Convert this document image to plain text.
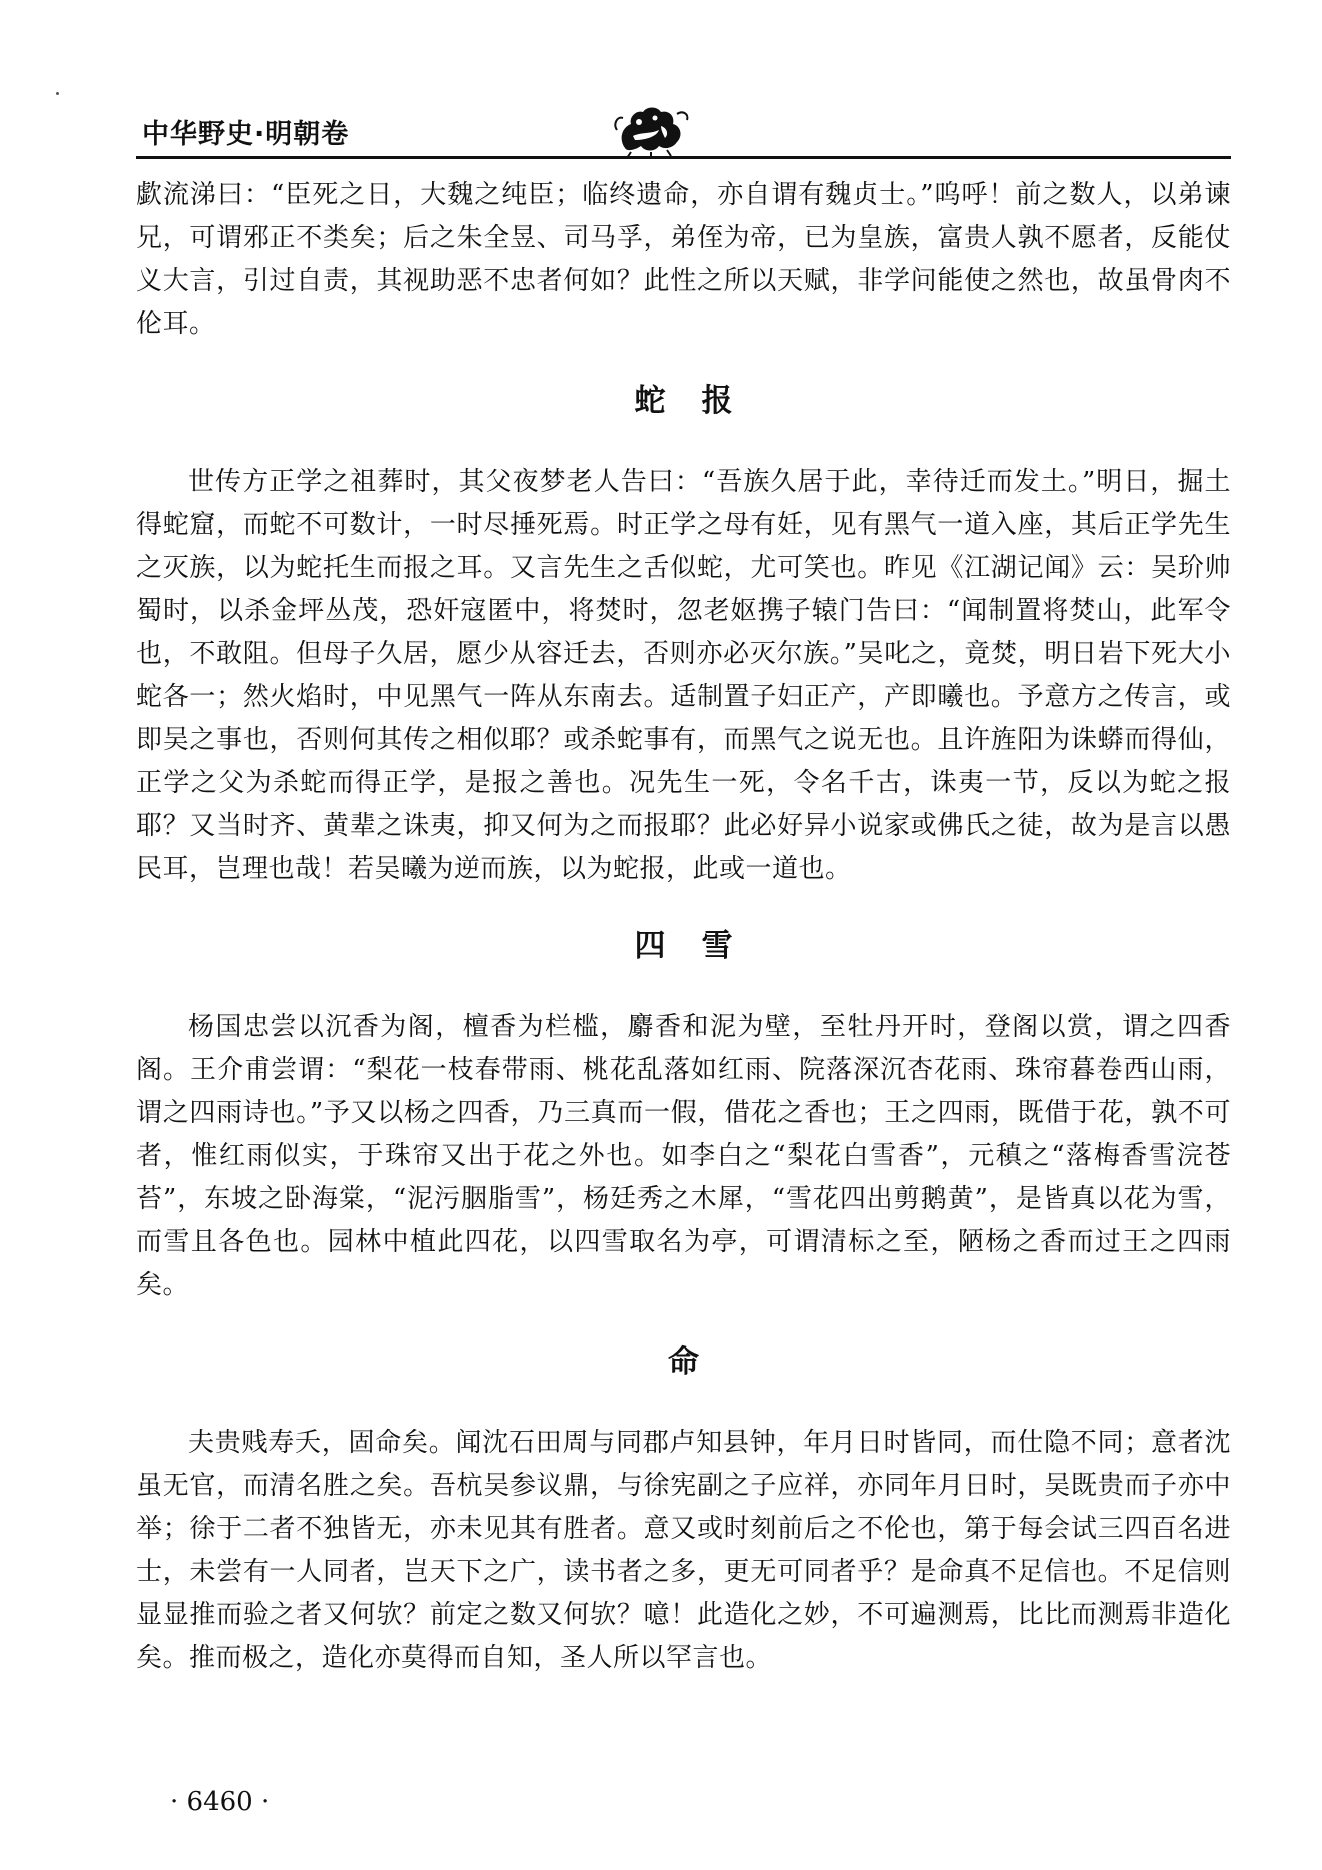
中华野史·明朝卷

歔流涕曰：“臣死之日，大魏之纯臣；临终遗命，亦自谓有魏贞士。”呜呼！前之数人，以弟谏兄，可谓邪正不类矣；后之朱全昱、司马孚，弟侄为帝，已为皇族，富贵人孰不愿者，反能仗义大言，引过自责，其视助恶不忠者何如？此性之所以天赋，非学问能使之然也，故虽骨肉不伦耳。

蛇报

世传方正学之祖葬时，其父夜梦老人告曰：“吾族久居于此，幸待迁而发土。”明日，掘土得蛇窟，而蛇不可数计，一时尽捶死焉。时正学之母有妊，见有黑气一道入座，其后正学先生之灭族，以为蛇托生而报之耳。又言先生之舌似蛇，尤可笑也。昨见《江湖记闻》云：吴玠帅蜀时，以杀金坪丛茂，恐奸寇匿中，将焚时，忽老妪携子辕门告曰：“闻制置将焚山，此军令也，不敢阻。但母子久居，愿少从容迁去，否则亦必灭尔族。”吴叱之，竟焚，明日岩下死大小蛇各一；然火焰时，中见黑气一阵从东南去。适制置子妇正产，产即曦也。予意方之传言，或即吴之事也，否则何其传之相似耶？或杀蛇事有，而黑气之说无也。且许旌阳为诛蟒而得仙，正学之父为杀蛇而得正学，是报之善也。况先生一死，令名千古，诛夷一节，反以为蛇之报耶？又当时齐、黄辈之诛夷，抑又何为之而报耶？此必好异小说家或佛氏之徒，故为是言以愚民耳，岂理也哉！若吴曦为逆而族，以为蛇报，此或一道也。

四雪

杨国忠尝以沉香为阁，檀香为栏槛，麝香和泥为壁，至牡丹开时，登阁以赏，谓之四香阁。王介甫尝谓：“梨花一枝春带雨、桃花乱落如红雨、院落深沉杏花雨、珠帘暮卷西山雨，谓之四雨诗也。”予又以杨之四香，乃三真而一假，借花之香也；王之四雨，既借于花，孰不可者，惟红雨似实，于珠帘又出于花之外也。如李白之“梨花白雪香”，元稹之“落梅香雪浣苍苔”，东坡之卧海棠，“泥污胭脂雪”，杨廷秀之木犀，“雪花四出剪鹅黄”，是皆真以花为雪，而雪且各色也。园林中植此四花，以四雪取名为亭，可谓清标之至，陋杨之香而过王之四雨矣。

命

夫贵贱寿夭，固命矣。闻沈石田周与同郡卢知县钟，年月日时皆同，而仕隐不同；意者沈虽无官，而清名胜之矣。吾杭吴参议鼎，与徐宪副之子应祥，亦同年月日时，吴既贵而子亦中举；徐于二者不独皆无，亦未见其有胜者。意又或时刻前后之不伦也，第于每会试三四百名进士，未尝有一人同者，岂天下之广，读书者之多，更无可同者乎？是命真不足信也。不足信则显显推而验之者又何欤？前定之数又何欤？噫！此造化之妙，不可遍测焉，比比而测焉非造化矣。推而极之，造化亦莫得而自知，圣人所以罕言也。

· 6460 ·
